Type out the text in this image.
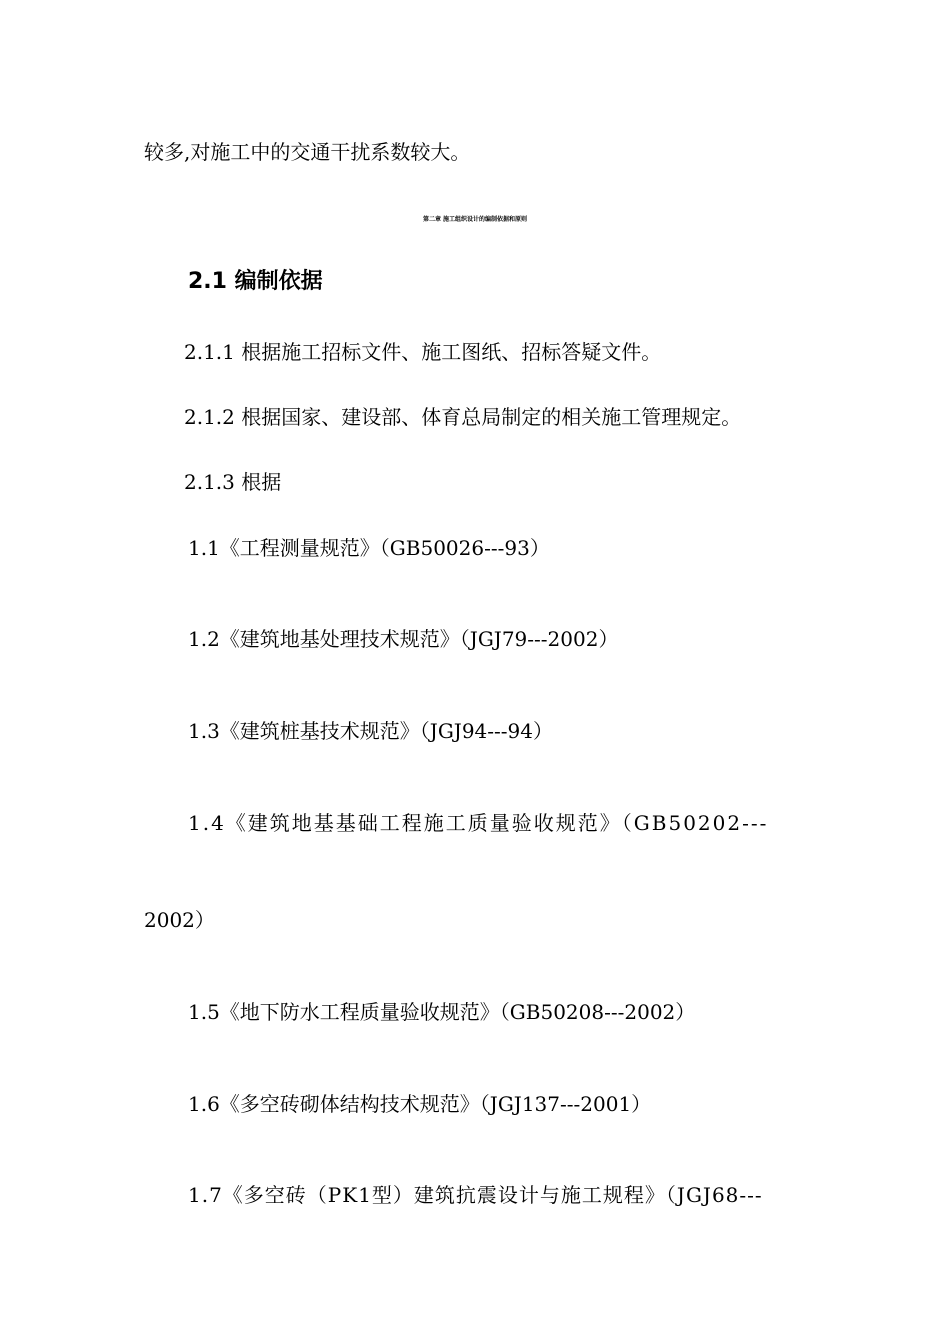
较多,对施工中的交通干扰系数较大。
第二章 施工组织设计的编制依据和原则
2.1 编制依据
2.1.1 根据施工招标文件、施工图纸、招标答疑文件。
2.1.2 根据国家、建设部、体育总局制定的相关施工管理规定。
2.1.3 根据
1.1《工程测量规范》（GB50026---93）
1.2《建筑地基处理技术规范》（JGJ79---2002）
1.3《建筑桩基技术规范》（JGJ94---94）
1.4《建筑地基基础工程施工质量验收规范》（GB50202---
2002）
1.5《地下防水工程质量验收规范》（GB50208---2002）
1.6《多空砖砌体结构技术规范》（JGJ137---2001）
1.7《多空砖（PK1型）建筑抗震设计与施工规程》（JGJ68---
